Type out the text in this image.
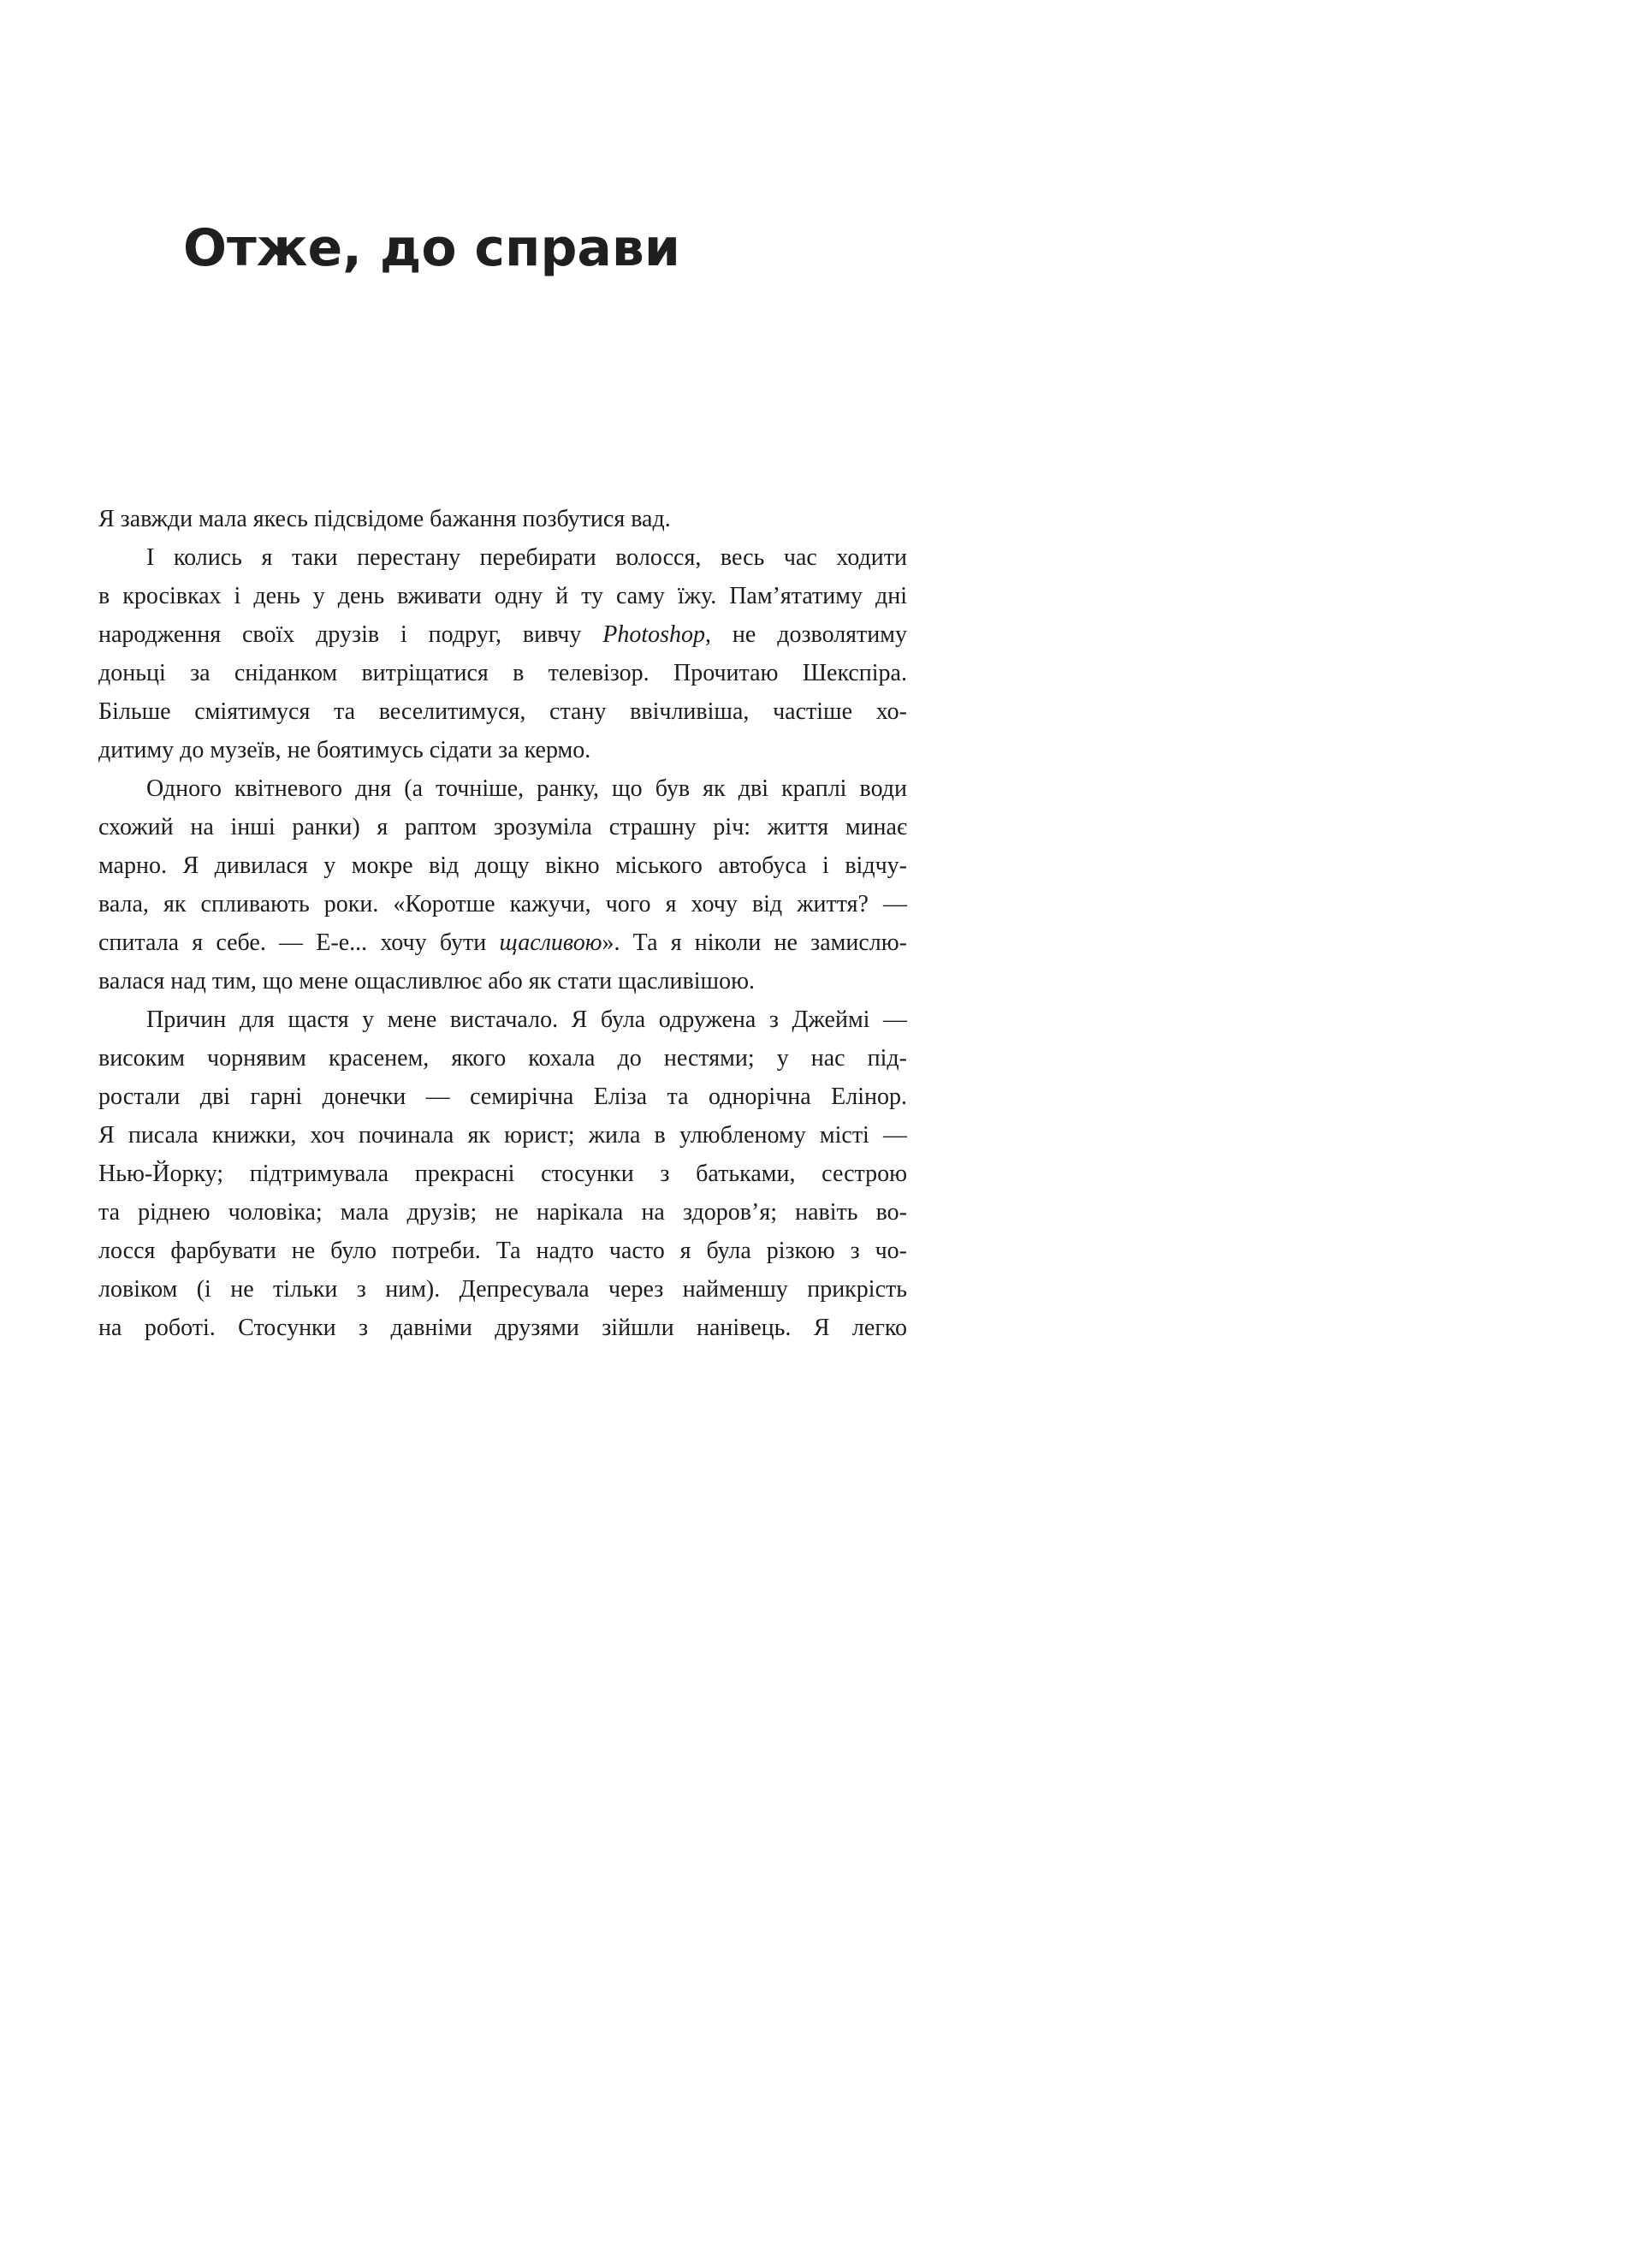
Отже, до справи
Я завжди мала якесь підсвідоме бажання позбутися вад.
І колись я таки перестану перебирати волосся, весь час ходити
в кросівках і день у день вживати одну й ту саму їжу. Пам’ятатиму дні
народження своїх друзів і подруг, вивчу Photoshop, не дозволятиму
доньці за сніданком витріщатися в телевізор. Прочитаю Шекспіра.
Більше сміятимуся та веселитимуся, стану ввічливіша, частіше хо-
дитиму до музеїв, не боятимусь сідати за кермо.
Одного квітневого дня (а точніше, ранку, що був як дві краплі води
схожий на інші ранки) я раптом зрозуміла страшну річ: життя минає
марно. Я дивилася у мокре від дощу вікно міського автобуса і відчу-
вала, як спливають роки. «Коротше кажучи, чого я хочу від життя? —
спитала я себе. — Е-е... хочу бути щасливою». Та я ніколи не замислю-
валася над тим, що мене ощасливлює або як стати щасливішою.
Причин для щастя у мене вистачало. Я була одружена з Джеймі —
високим чорнявим красенем, якого кохала до нестями; у нас під-
ростали дві гарні донечки — семирічна Еліза та однорічна Елінор.
Я писала книжки, хоч починала як юрист; жила в улюбленому місті —
Нью-Йорку; підтримувала прекрасні стосунки з батьками, сестрою
та ріднею чоловіка; мала друзів; не нарікала на здоров’я; навіть во-
лосся фарбувати не було потреби. Та надто часто я була різкою з чо-
ловіком (і не тільки з ним). Депресувала через найменшу прикрість
на роботі. Стосунки з давніми друзями зійшли нанівець. Я легко
